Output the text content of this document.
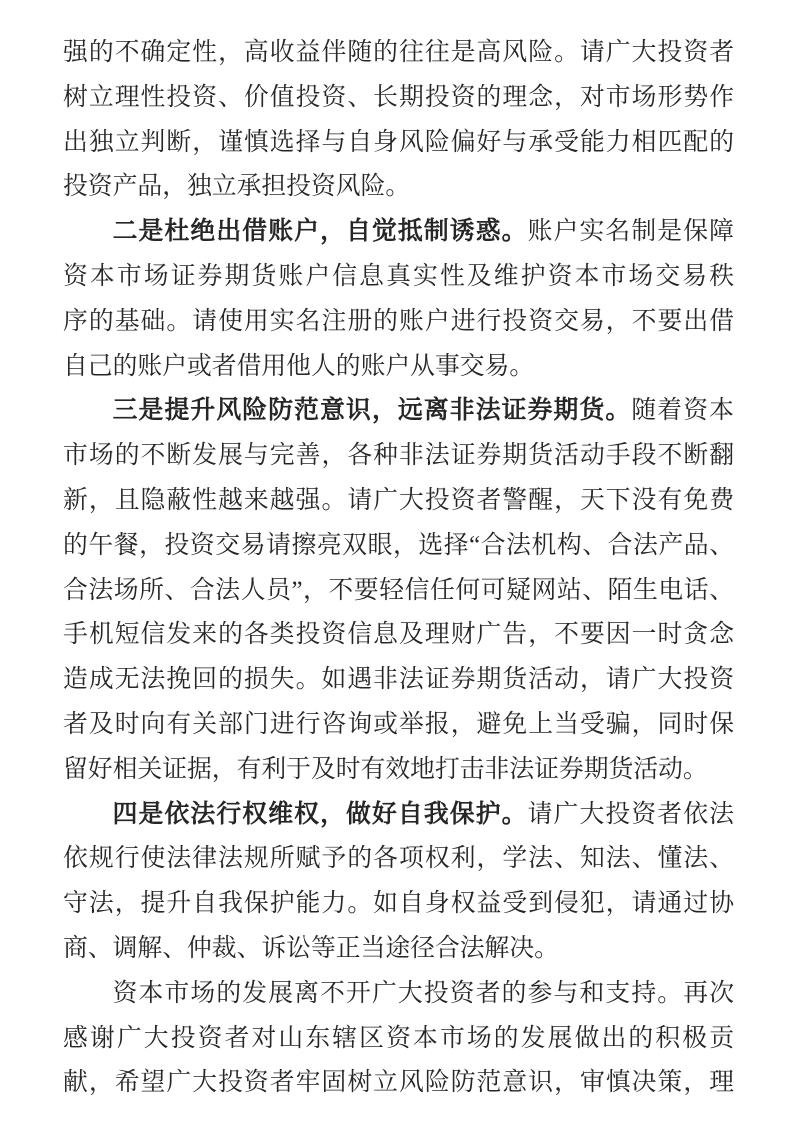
强的不确定性，高收益伴随的往往是高风险。请广大投资者
树立理性投资、价值投资、长期投资的理念，对市场形势作
出独立判断，谨慎选择与自身风险偏好与承受能力相匹配的
投资产品，独立承担投资风险。
二是杜绝出借账户，自觉抵制诱惑。账户实名制是保障
资本市场证券期货账户信息真实性及维护资本市场交易秩
序的基础。请使用实名注册的账户进行投资交易，不要出借
自己的账户或者借用他人的账户从事交易。
三是提升风险防范意识，远离非法证券期货。随着资本
市场的不断发展与完善，各种非法证券期货活动手段不断翻
新，且隐蔽性越来越强。请广大投资者警醒，天下没有免费
的午餐，投资交易请擦亮双眼，选择“合法机构、合法产品、
合法场所、合法人员”，不要轻信任何可疑网站、陌生电话、
手机短信发来的各类投资信息及理财广告，不要因一时贪念
造成无法挽回的损失。如遇非法证券期货活动，请广大投资
者及时向有关部门进行咨询或举报，避免上当受骗，同时保
留好相关证据，有利于及时有效地打击非法证券期货活动。
四是依法行权维权，做好自我保护。请广大投资者依法
依规行使法律法规所赋予的各项权利，学法、知法、懂法、
守法，提升自我保护能力。如自身权益受到侵犯，请通过协
商、调解、仲裁、诉讼等正当途径合法解决。
资本市场的发展离不开广大投资者的参与和支持。再次
感谢广大投资者对山东辖区资本市场的发展做出的积极贡
献，希望广大投资者牢固树立风险防范意识，审慎决策，理
